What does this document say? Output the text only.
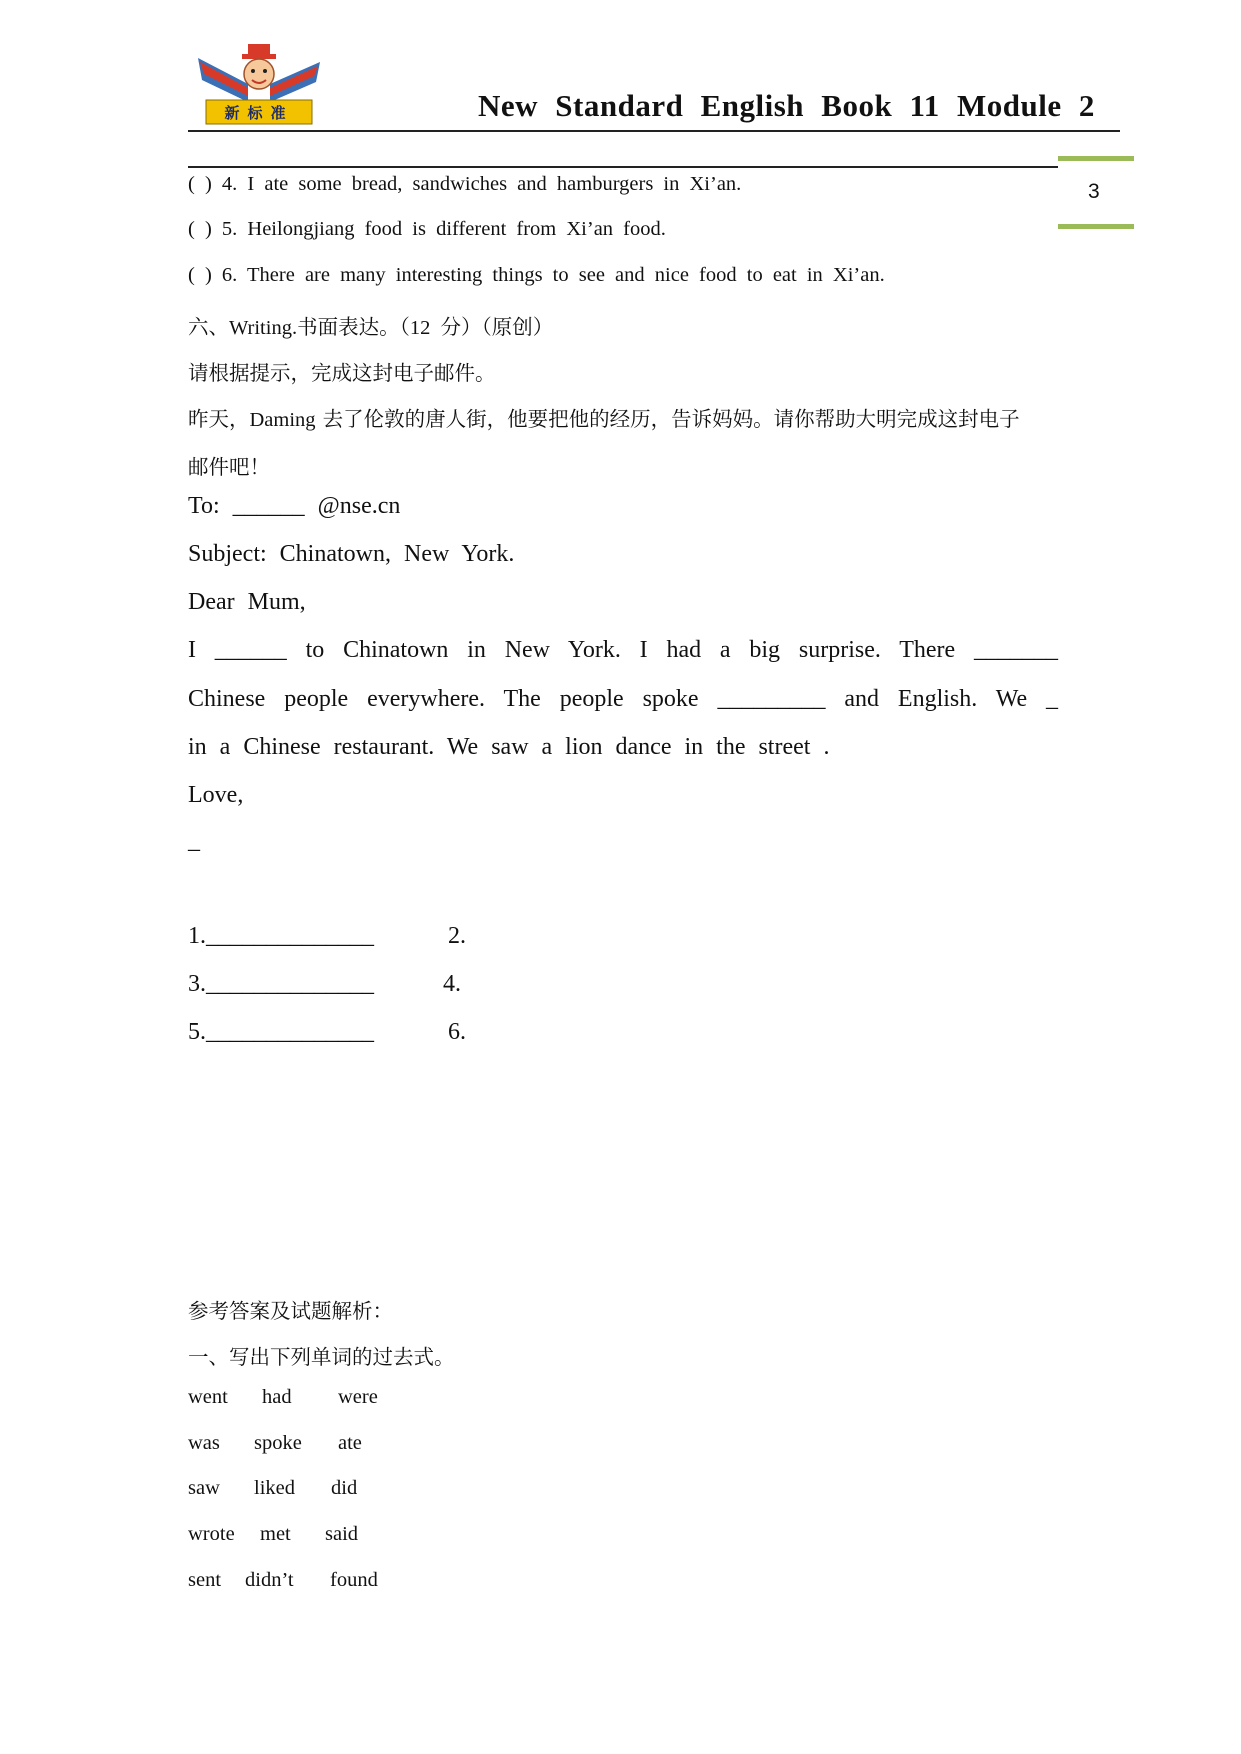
新标准	New Standard English Book 11 Module 2
3
( ) 4. I ate some bread, sandwiches and hamburgers in Xi’an.
( ) 5. Heilongjiang food is different from Xi’an food.
( ) 6. There are many interesting things to see and nice food to eat in Xi’an.
六、Writing.书面表达。（12 分）（原创）
请根据提示，完成这封电子邮件。
昨天，Daming 去了伦敦的唐人街，他要把他的经历，告诉妈妈。请你帮助大明完成这封电子
邮件吧！
To: ______ @nse.cn
Subject: Chinatown, New York.
Dear Mum,
I ______ to Chinatown in New York. I had a big surprise. There _______
Chinese people everywhere. The people spoke _________ and English. We _
in a Chinese restaurant. We saw a lion dance in the street .
Love,
_
1.______________	2.
3.______________	4.
5.______________	6.
参考答案及试题解析：
一、写出下列单词的过去式。
went had were
was spoke ate
saw liked did
wrote met said
sent didn’t found
